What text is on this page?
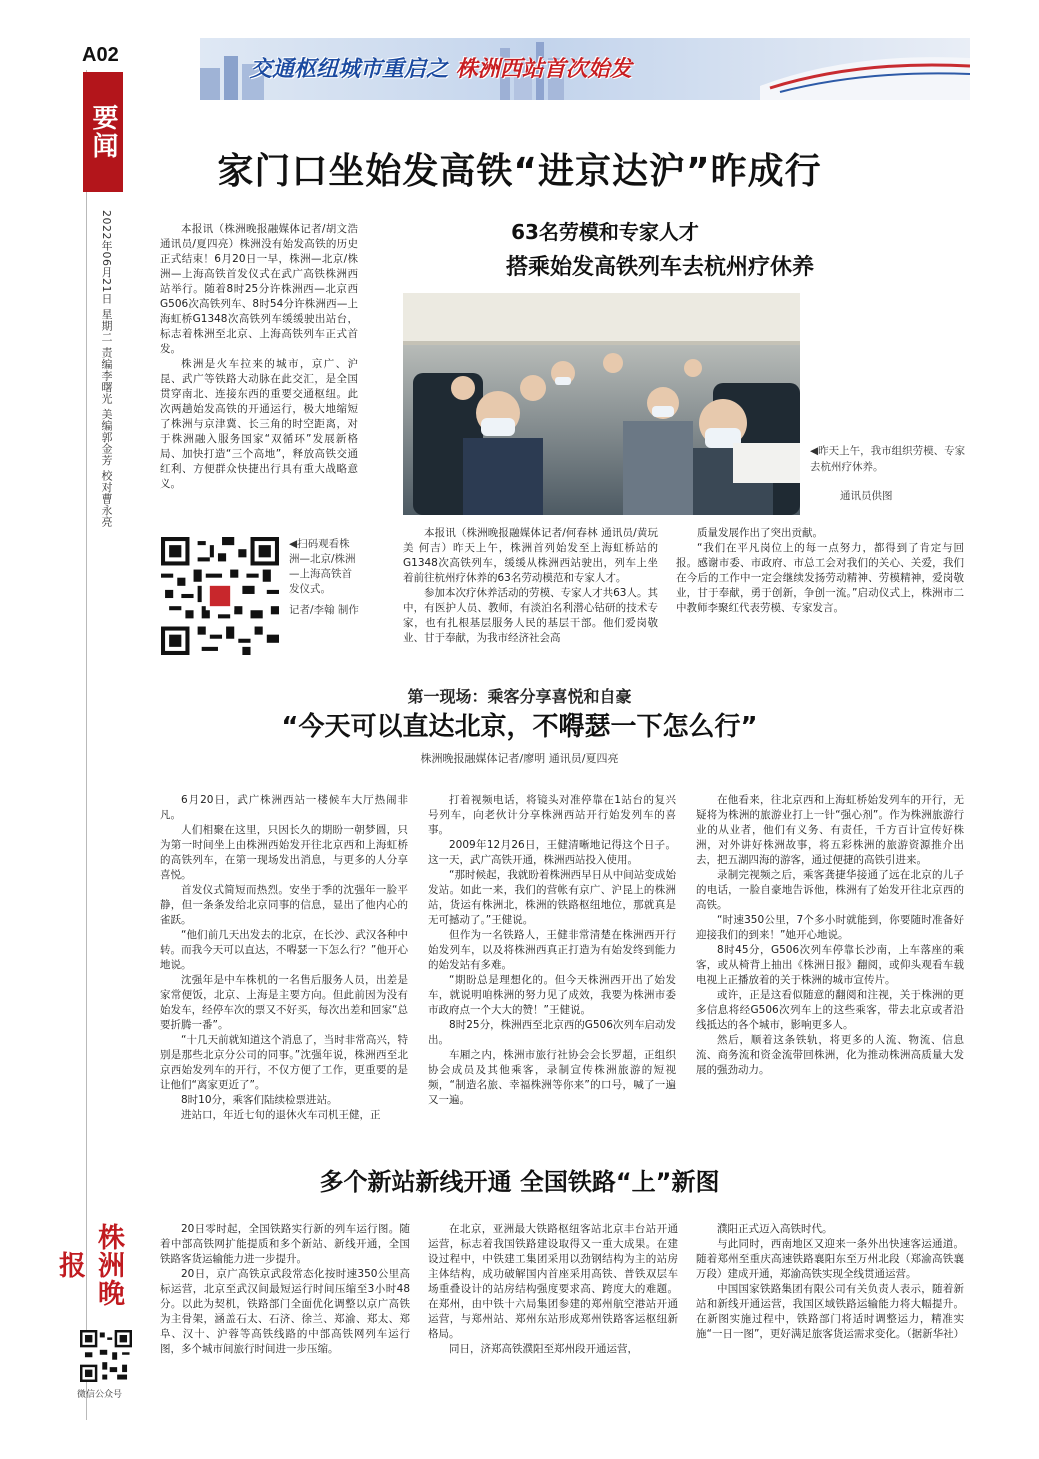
A02
要闻
2022年06月21日 星期二 责编李曙光 美编郭金芳 校对曹永亮
交通枢纽城市重启之 株洲西站首次始发
家门口坐始发高铁“进京达沪”昨成行

本报讯（株洲晚报融媒体记者/胡文浩 通讯员/夏四亮）株洲没有始发高铁的历史正式结束！6月20日一早，株洲—北京/株洲—上海高铁首发仪式在武广高铁株洲西站举行。随着8时25分许株洲西—北京西G506次高铁列车、8时54分许株洲西—上海虹桥G1348次高铁列车缓缓驶出站台，标志着株洲至北京、上海高铁列车正式首发。

株洲是火车拉来的城市，京广、沪昆、武广等铁路大动脉在此交汇，是全国贯穿南北、连接东西的重要交通枢纽。此次两趟始发高铁的开通运行，极大地缩短了株洲与京津冀、长三角的时空距离，对于株洲融入服务国家“双循环”发展新格局、加快打造“三个高地”，释放高铁交通红利、方便群众快捷出行具有重大战略意义。

◀扫码观看株洲—北京/株洲—上海高铁首发仪式。
记者/李翰 制作
63名劳模和专家人才
搭乘始发高铁列车去杭州疗休养
◀昨天上午，我市组织劳模、专家去杭州疗休养。
通讯员供图

本报讯（株洲晚报融媒体记者/何春林 通讯员/黄玩美 何吉）昨天上午，株洲首列始发至上海虹桥站的G1348次高铁列车，缓缓从株洲西站驶出，列车上坐着前往杭州疗休养的63名劳动模范和专家人才。

参加本次疗休养活动的劳模、专家人才共63人。其中，有医护人员、教师，有淡泊名利潜心钻研的技术专家，也有扎根基层服务人民的基层干部。他们爱岗敬业、甘于奉献，为我市经济社会高

质量发展作出了突出贡献。

“我们在平凡岗位上的每一点努力，都得到了肯定与回报。感谢市委、市政府、市总工会对我们的关心、关爱，我们在今后的工作中一定会继续发扬劳动精神、劳模精神，爱岗敬业，甘于奉献，勇于创新，争创一流。”启动仪式上，株洲市二中教师李聚红代表劳模、专家发言。

第一现场：乘客分享喜悦和自豪
“今天可以直达北京，不嘚瑟一下怎么行”
株洲晚报融媒体记者/廖明 通讯员/夏四亮

6月20日，武广株洲西站一楼候车大厅热闹非凡。

人们相聚在这里，只因长久的期盼一朝梦圆，只为第一时间坐上由株洲西始发开往北京西和上海虹桥的高铁列车，在第一现场发出消息，与更多的人分享喜悦。

首发仪式简短而热烈。安坐于季的沈强年一脸平静，但一条条发给北京同事的信息，显出了他内心的雀跃。

“他们前几天出发去的北京，在长沙、武汉各种中转。而我今天可以直达，不嘚瑟一下怎么行？”他开心地说。

沈强年是中车株机的一名售后服务人员，出差是家常便饭，北京、上海是主要方向。但此前因为没有始发车，经停车次的票又不好买，每次出差和回家“总要折腾一番”。

“十几天前就知道这个消息了，当时非常高兴，特别是那些北京分公司的同事。”沈强年说，株洲西至北京西始发列车的开行，不仅方便了工作，更重要的是让他们“离家更近了”。

8时10分，乘客们陆续检票进站。

进站口，年近七旬的退休火车司机王健，正

打着视频电话，将镜头对准停靠在1站台的复兴号列车，向老伙计分享株洲西站开行始发列车的喜事。

2009年12月26日，王健清晰地记得这个日子。这一天，武广高铁开通，株洲西站投入使用。

“那时候起，我就盼着株洲西早日从中间站变成始发站。如此一来，我们的营帐有京广、沪昆上的株洲站，货运有株洲北，株洲的铁路枢纽地位，那就真是无可撼动了。”王健说。

但作为一名铁路人，王健非常清楚在株洲西开行始发列车，以及将株洲西真正打造为有始发终到能力的始发站有多难。

“期盼总是理想化的。但今天株洲西开出了始发车，就说明咱株洲的努力见了成效，我要为株洲市委市政府点一个大大的赞！”王健说。

8时25分，株洲西至北京西的G506次列车启动发出。

车厢之内，株洲市旅行社协会会长罗超，正组织协会成员及其他乘客，录制宣传株洲旅游的短视频，“制造名旅、幸福株洲等你来”的口号，喊了一遍又一遍。

在他看来，往北京西和上海虹桥始发列车的开行，无疑将为株洲的旅游业打上一针“强心剂”。作为株洲旅游行业的从业者，他们有义务、有责任，千方百计宣传好株洲，对外讲好株洲故事，将五彩株洲的旅游资源推介出去，把五湖四海的游客，通过便捷的高铁引进来。

录制完视频之后，乘客龚捷华接通了远在北京的儿子的电话，一脸自豪地告诉他，株洲有了始发开往北京西的高铁。

“时速350公里，7个多小时就能到，你要随时准备好迎接我们的到来！”她开心地说。

8时45分，G506次列车停靠长沙南，上车落座的乘客，或从椅背上抽出《株洲日报》翻阅，或仰头观看车载电视上正播放着的关于株洲的城市宣传片。

或许，正是这看似随意的翻阅和注视，关于株洲的更多信息将经G506次列车上的这些乘客，带去北京或者沿线抵达的各个城市，影响更多人。

然后，顺着这条铁轨，将更多的人流、物流、信息流、商务流和资金流带回株洲，化为推动株洲高质量大发展的强劲动力。

多个新站新线开通 全国铁路“上”新图

20日零时起，全国铁路实行新的列车运行图。随着中部高铁网扩能提质和多个新站、新线开通，全国铁路客货运输能力进一步提升。

20日，京广高铁京武段常态化按时速350公里高标运营，北京至武汉间最短运行时间压缩至3小时48分。以此为契机，铁路部门全面优化调整以京广高铁为主骨架，涵盖石太、石济、徐兰、郑渝、郑太、郑阜、汉十、沪蓉等高铁线路的中部高铁网列车运行图，多个城市间旅行时间进一步压缩。

在北京，亚洲最大铁路枢纽客站北京丰台站开通运营，标志着我国铁路建设取得又一重大成果。在建设过程中，中铁建工集团采用以劲钢结构为主的站房主体结构，成功破解国内首座采用高铁、普铁双层车场重叠设计的站房结构强度要求高、跨度大的难题。在郑州，由中铁十六局集团参建的郑州航空港站开通运营，与郑州站、郑州东站形成郑州铁路客运枢纽新格局。

同日，济郑高铁濮阳至郑州段开通运营，

濮阳正式迈入高铁时代。

与此同时，西南地区又迎来一条外出快速客运通道。随着郑州至重庆高速铁路襄阳东至万州北段（郑渝高铁襄万段）建成开通，郑渝高铁实现全线贯通运营。

中国国家铁路集团有限公司有关负责人表示，随着新站和新线开通运营，我国区域铁路运输能力将大幅提升。在新图实施过程中，铁路部门将适时调整运力，精准实施“一日一图”，更好满足旅客货运需求变化。（据新华社）

株洲晚报
微信公众号
